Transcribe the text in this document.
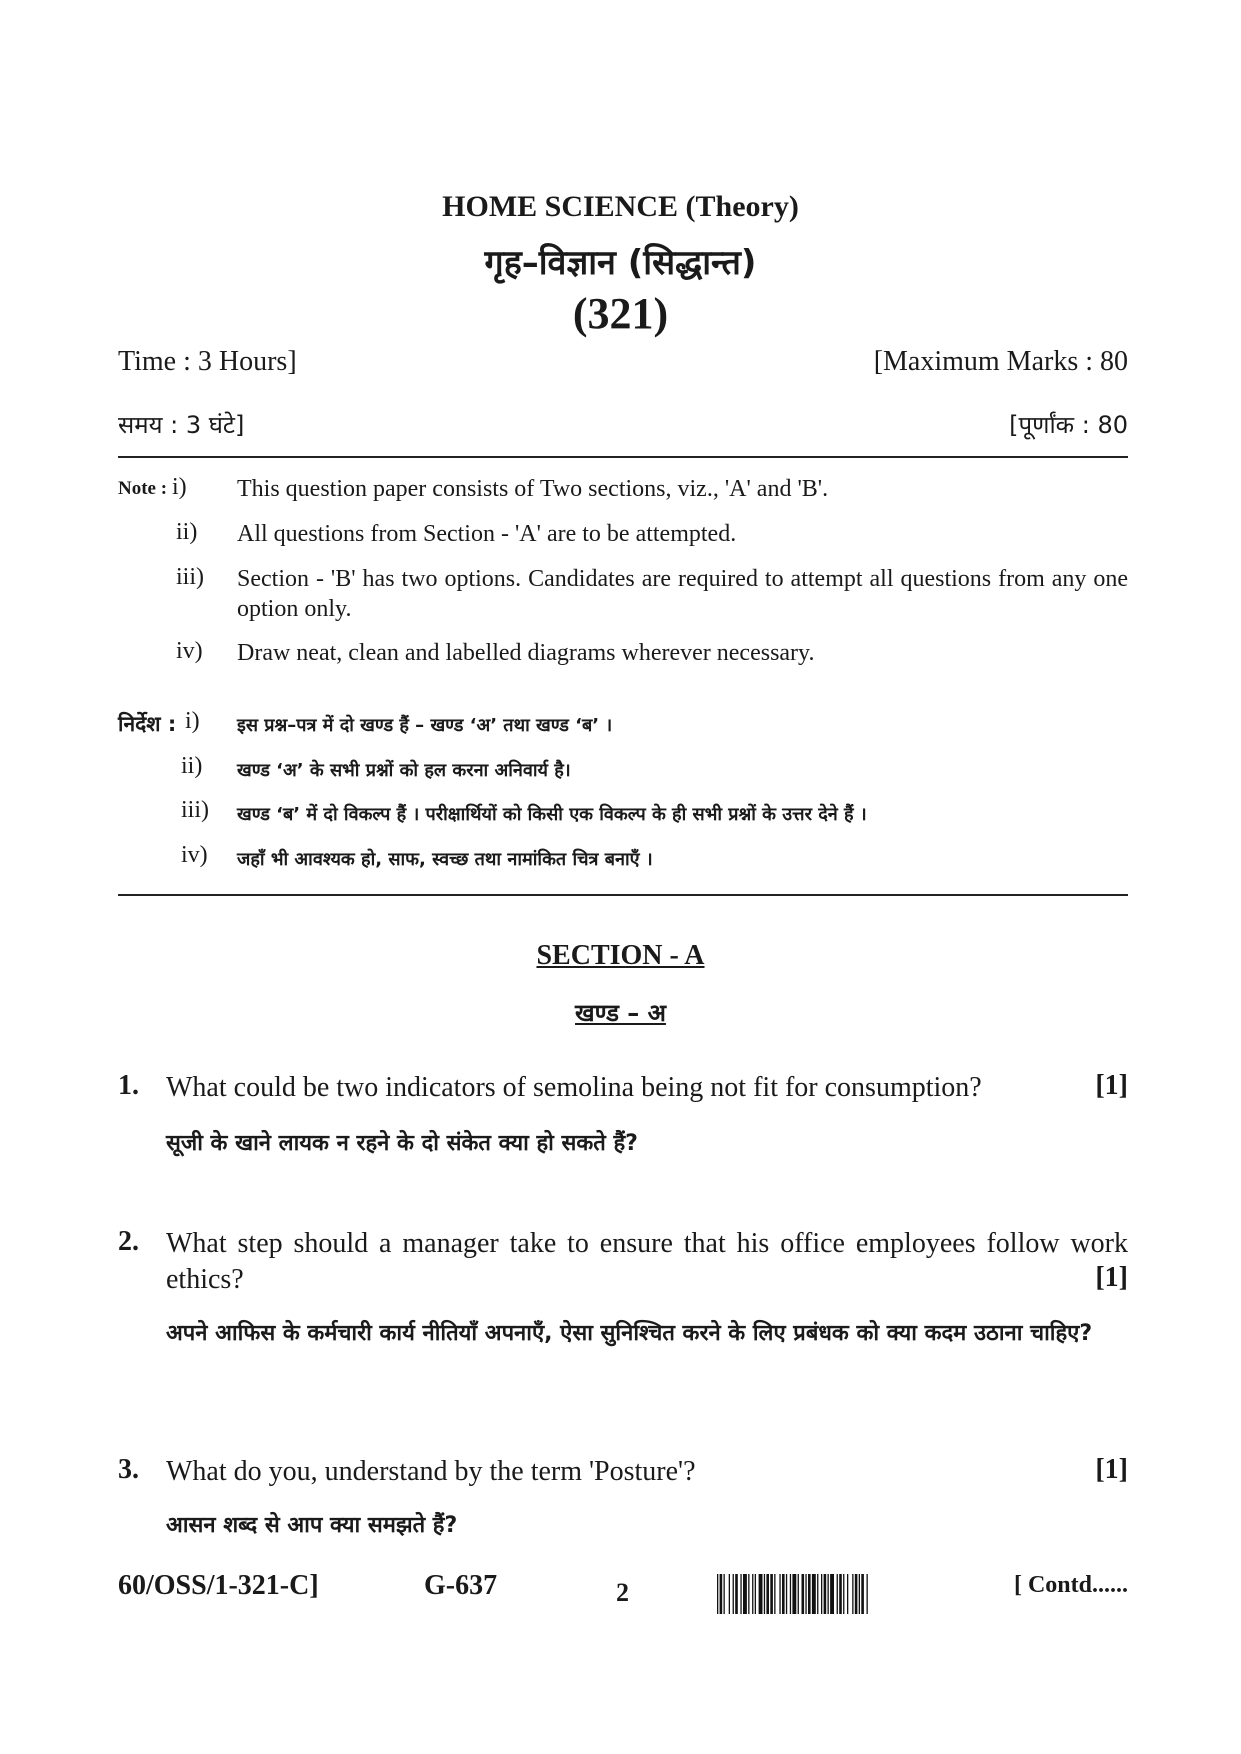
HOME SCIENCE (Theory)
गृह–विज्ञान (सिद्धान्त)
(321)
Time : 3 Hours]	[Maximum Marks : 80
समय : 3 घंटे]	[पूर्णांक : 80
Note : i) This question paper consists of Two sections, viz., 'A' and 'B'.
ii) All questions from Section - 'A' are to be attempted.
iii) Section - 'B' has two options. Candidates are required to attempt all questions from any one option only.
iv) Draw neat, clean and labelled diagrams wherever necessary.
निर्देश : i) इस प्रश्न–पत्र में दो खण्ड हैं – खण्ड ‘अ’ तथा खण्ड ‘ब’ ।
ii) खण्ड ‘अ’ के सभी प्रश्नों को हल करना अनिवार्य है।
iii) खण्ड ‘ब’ में दो विकल्प हैं । परीक्षार्थियों को किसी एक विकल्प के ही सभी प्रश्नों के उत्तर देने हैं ।
iv) जहाँ भी आवश्यक हो, साफ, स्वच्छ तथा नामांकित चित्र बनाएँ ।
SECTION - A
खण्ड – अ
1. What could be two indicators of semolina being not fit for consumption?	[1]
सूजी के खाने लायक न रहने के दो संकेत क्या हो सकते हैं?
2. What step should a manager take to ensure that his office employees follow work ethics?	[1]
अपने आफिस के कर्मचारी कार्य नीतियाँ अपनाएँ, ऐसा सुनिश्चित करने के लिए प्रबंधक को क्या कदम उठाना चाहिए?
3. What do you, understand by the term 'Posture'?	[1]
आसन शब्द से आप क्या समझते हैं?
60/OSS/1-321-C]	G-637	2	[ Contd......
